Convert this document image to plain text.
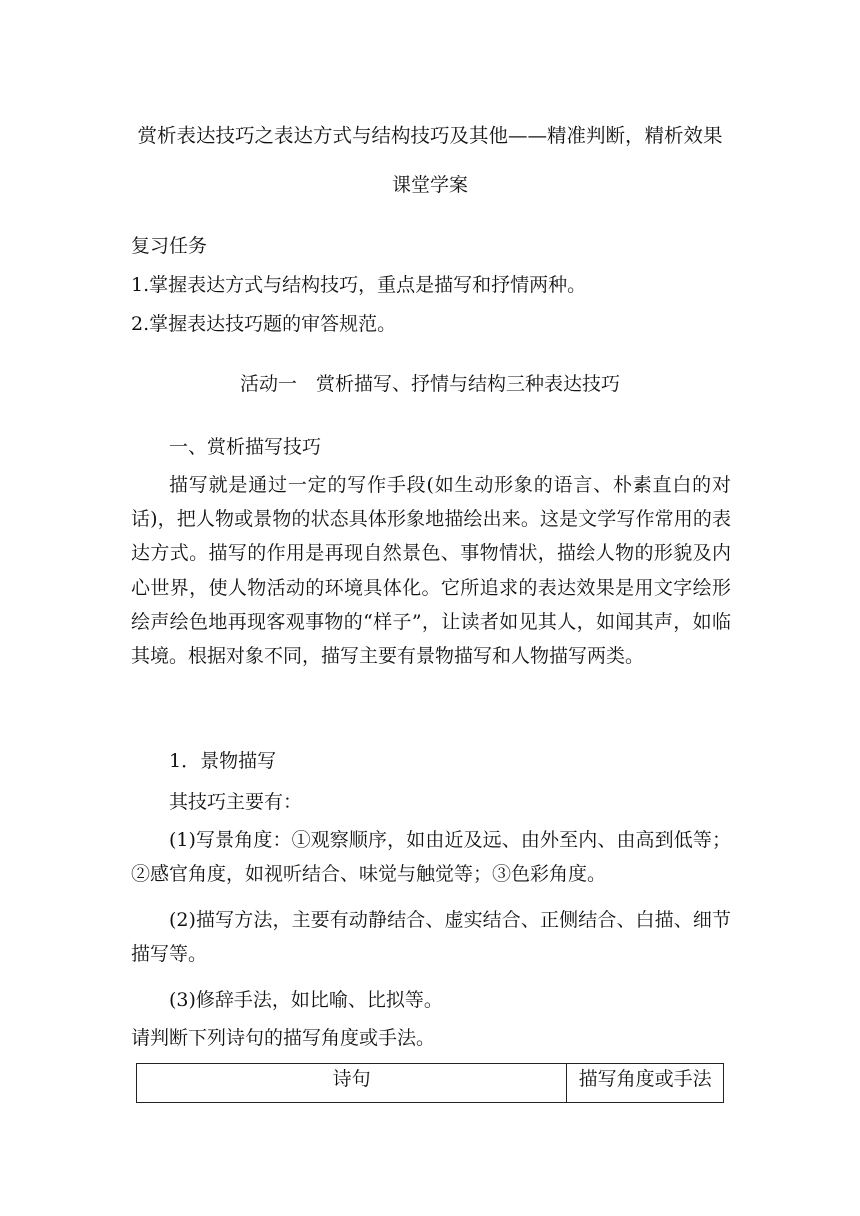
赏析表达技巧之表达方式与结构技巧及其他——精准判断，精析效果
课堂学案
复习任务
1.掌握表达方式与结构技巧，重点是描写和抒情两种。
2.掌握表达技巧题的审答规范。
活动一　赏析描写、抒情与结构三种表达技巧
一、赏析描写技巧
描写就是通过一定的写作手段(如生动形象的语言、朴素直白的对话)，把人物或景物的状态具体形象地描绘出来。这是文学写作常用的表达方式。描写的作用是再现自然景色、事物情状，描绘人物的形貌及内心世界，使人物活动的环境具体化。它所追求的表达效果是用文字绘形绘声绘色地再现客观事物的“样子”，让读者如见其人，如闻其声，如临其境。根据对象不同，描写主要有景物描写和人物描写两类。
1．景物描写
其技巧主要有：
(1)写景角度：①观察顺序，如由近及远、由外至内、由高到低等；②感官角度，如视听结合、味觉与触觉等；③色彩角度。
(2)描写方法，主要有动静结合、虚实结合、正侧结合、白描、细节描写等。
(3)修辞手法，如比喻、比拟等。
请判断下列诗句的描写角度或手法。
诗句	描写角度或手法
